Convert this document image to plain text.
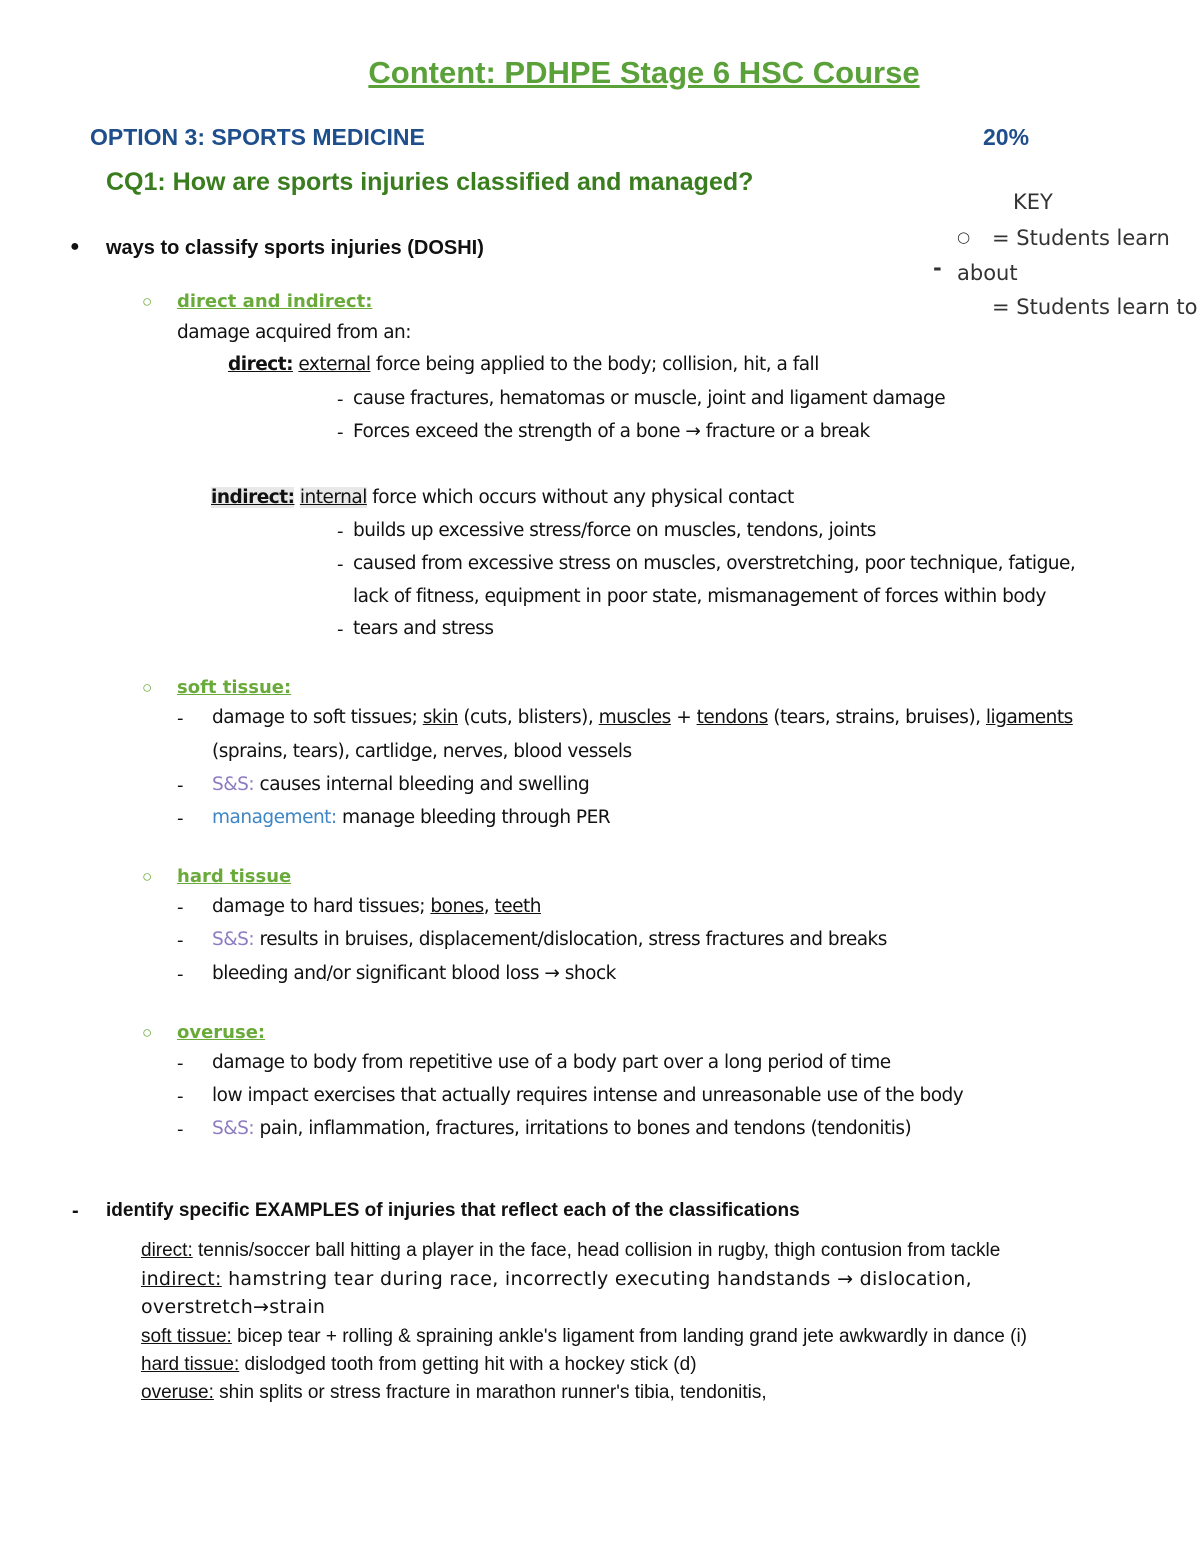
Content: PDHPE Stage 6 HSC Course
OPTION 3: SPORTS MEDICINE	20%
CQ1: How are sports injuries classified and managed?
KEY
○ = Students learn
- about
= Students learn to
● ways to classify sports injuries (DOSHI)
○ direct and indirect:
damage acquired from an:
direct: external force being applied to the body; collision, hit, a fall
- cause fractures, hematomas or muscle, joint and ligament damage
- Forces exceed the strength of a bone → fracture or a break
indirect: internal force which occurs without any physical contact
- builds up excessive stress/force on muscles, tendons, joints
- caused from excessive stress on muscles, overstretching, poor technique, fatigue,
lack of fitness, equipment in poor state, mismanagement of forces within body
- tears and stress
○ soft tissue:
- damage to soft tissues; skin (cuts, blisters), muscles + tendons (tears, strains, bruises), ligaments
(sprains, tears), cartlidge, nerves, blood vessels
- S&S: causes internal bleeding and swelling
- management: manage bleeding through PER
○ hard tissue
- damage to hard tissues; bones, teeth
- S&S: results in bruises, displacement/dislocation, stress fractures and breaks
- bleeding and/or significant blood loss → shock
○ overuse:
- damage to body from repetitive use of a body part over a long period of time
- low impact exercises that actually requires intense and unreasonable use of the body
- S&S: pain, inflammation, fractures, irritations to bones and tendons (tendonitis)
- identify specific EXAMPLES of injuries that reflect each of the classifications
direct: tennis/soccer ball hitting a player in the face, head collision in rugby, thigh contusion from tackle
indirect: hamstring tear during race, incorrectly executing handstands → dislocation,
overstretch→strain
soft tissue: bicep tear + rolling & spraining ankle's ligament from landing grand jete awkwardly in dance (i)
hard tissue: dislodged tooth from getting hit with a hockey stick (d)
overuse: shin splits or stress fracture in marathon runner's tibia, tendonitis,
